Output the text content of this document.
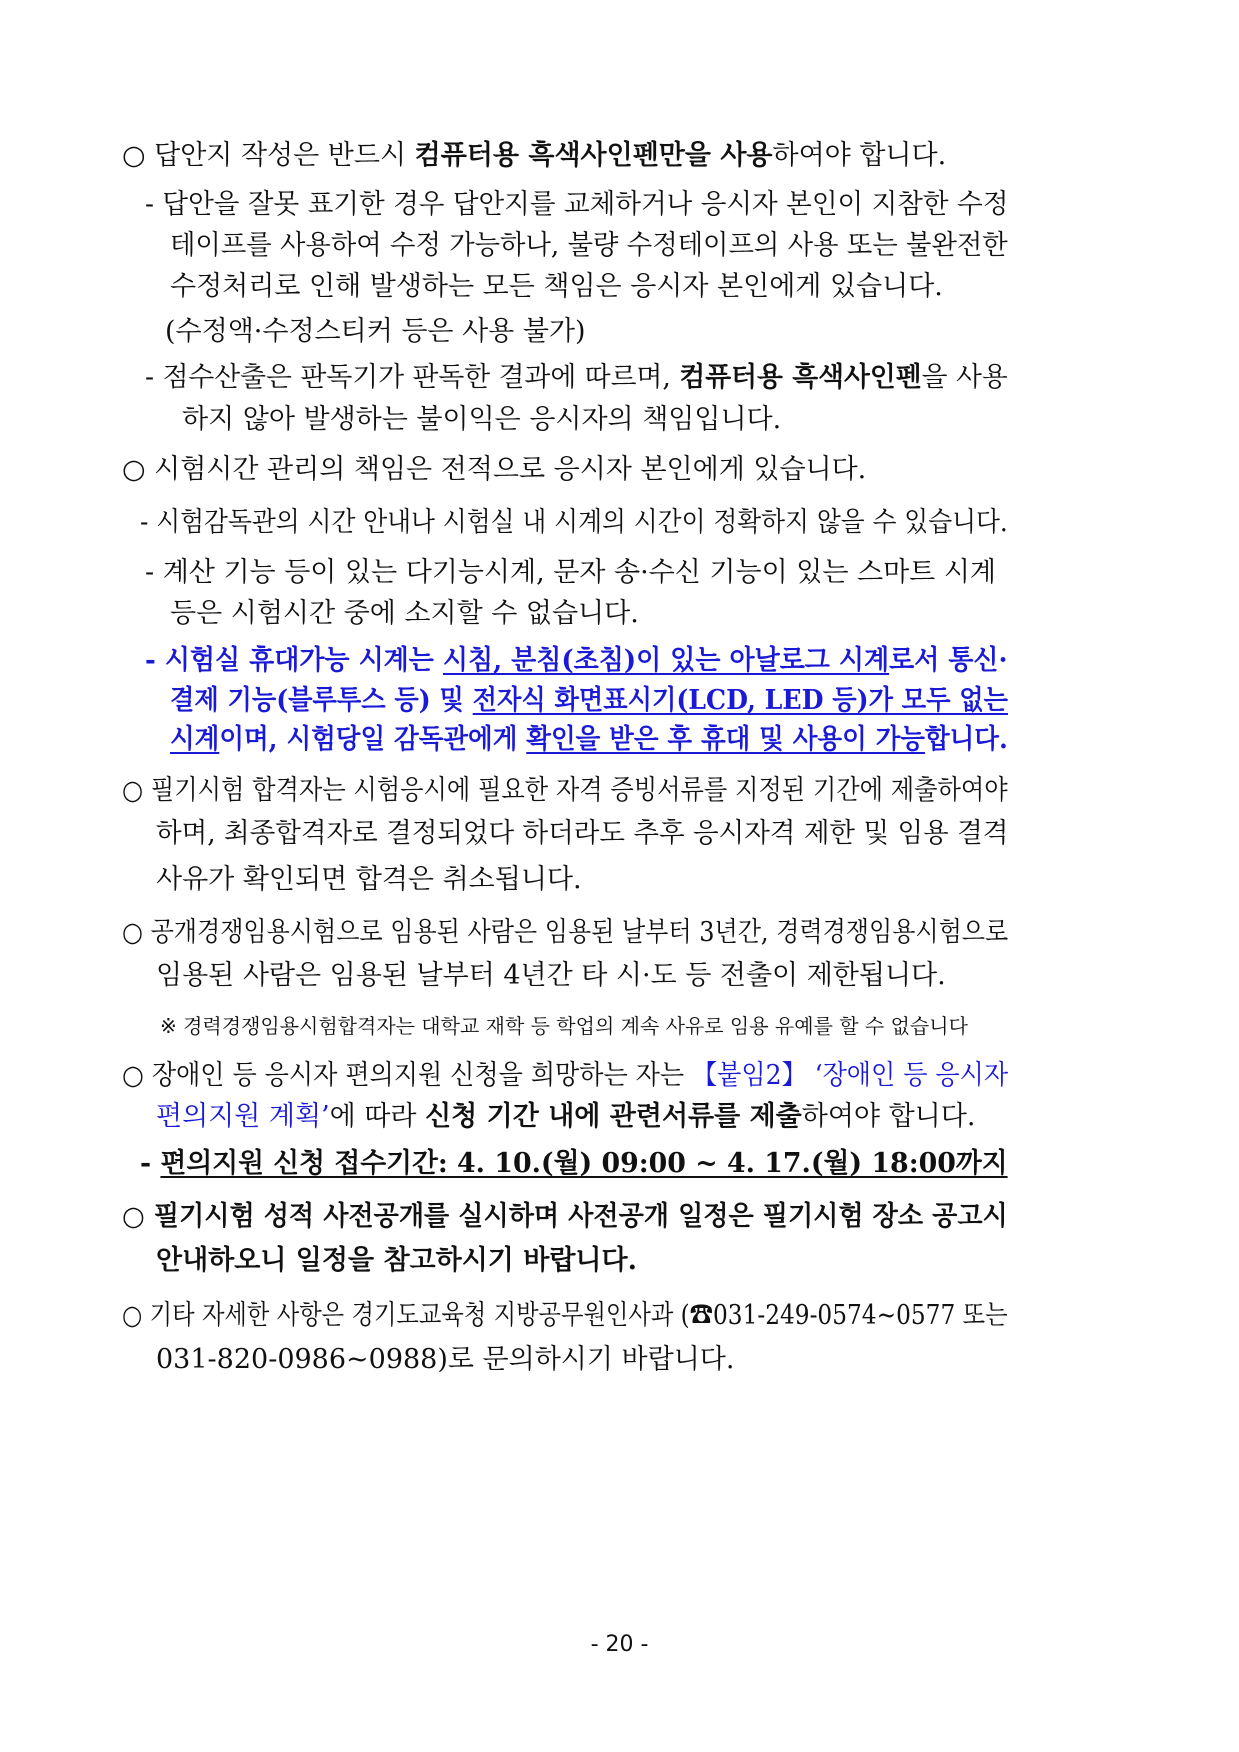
○ 답안지 작성은 반드시 컴퓨터용 흑색사인펜만을 사용하여야 합니다.
- 답안을 잘못 표기한 경우 답안지를 교체하거나 응시자 본인이 지참한 수정
테이프를 사용하여 수정 가능하나, 불량 수정테이프의 사용 또는 불완전한
수정처리로 인해 발생하는 모든 책임은 응시자 본인에게 있습니다.
(수정액·수정스티커 등은 사용 불가)
- 점수산출은 판독기가 판독한 결과에 따르며, 컴퓨터용 흑색사인펜을 사용
하지 않아 발생하는 불이익은 응시자의 책임입니다.
○ 시험시간 관리의 책임은 전적으로 응시자 본인에게 있습니다.
- 시험감독관의 시간 안내나 시험실 내 시계의 시간이 정확하지 않을 수 있습니다.
- 계산 기능 등이 있는 다기능시계, 문자 송·수신 기능이 있는 스마트 시계
등은 시험시간 중에 소지할 수 없습니다.
- 시험실 휴대가능 시계는 시침, 분침(초침)이 있는 아날로그 시계로서 통신·
결제 기능(블루투스 등) 및 전자식 화면표시기(LCD, LED 등)가 모두 없는
시계이며, 시험당일 감독관에게 확인을 받은 후 휴대 및 사용이 가능합니다.
○ 필기시험 합격자는 시험응시에 필요한 자격 증빙서류를 지정된 기간에 제출하여야
하며, 최종합격자로 결정되었다 하더라도 추후 응시자격 제한 및 임용 결격
사유가 확인되면 합격은 취소됩니다.
○ 공개경쟁임용시험으로 임용된 사람은 임용된 날부터 3년간, 경력경쟁임용시험으로
임용된 사람은 임용된 날부터 4년간 타 시·도 등 전출이 제한됩니다.
※ 경력경쟁임용시험합격자는 대학교 재학 등 학업의 계속 사유로 임용 유예를 할 수 없습니다
○ 장애인 등 응시자 편의지원 신청을 희망하는 자는 【붙임2】 ‘장애인 등 응시자
편의지원 계획’에 따라 신청 기간 내에 관련서류를 제출하여야 합니다.
- 편의지원 신청 접수기간: 4. 10.(월) 09:00 ~ 4. 17.(월) 18:00까지
○ 필기시험 성적 사전공개를 실시하며 사전공개 일정은 필기시험 장소 공고시
안내하오니 일정을 참고하시기 바랍니다.
○ 기타 자세한 사항은 경기도교육청 지방공무원인사과 (☎031-249-0574~0577 또는
031-820-0986~0988)로 문의하시기 바랍니다.
- 20 -
